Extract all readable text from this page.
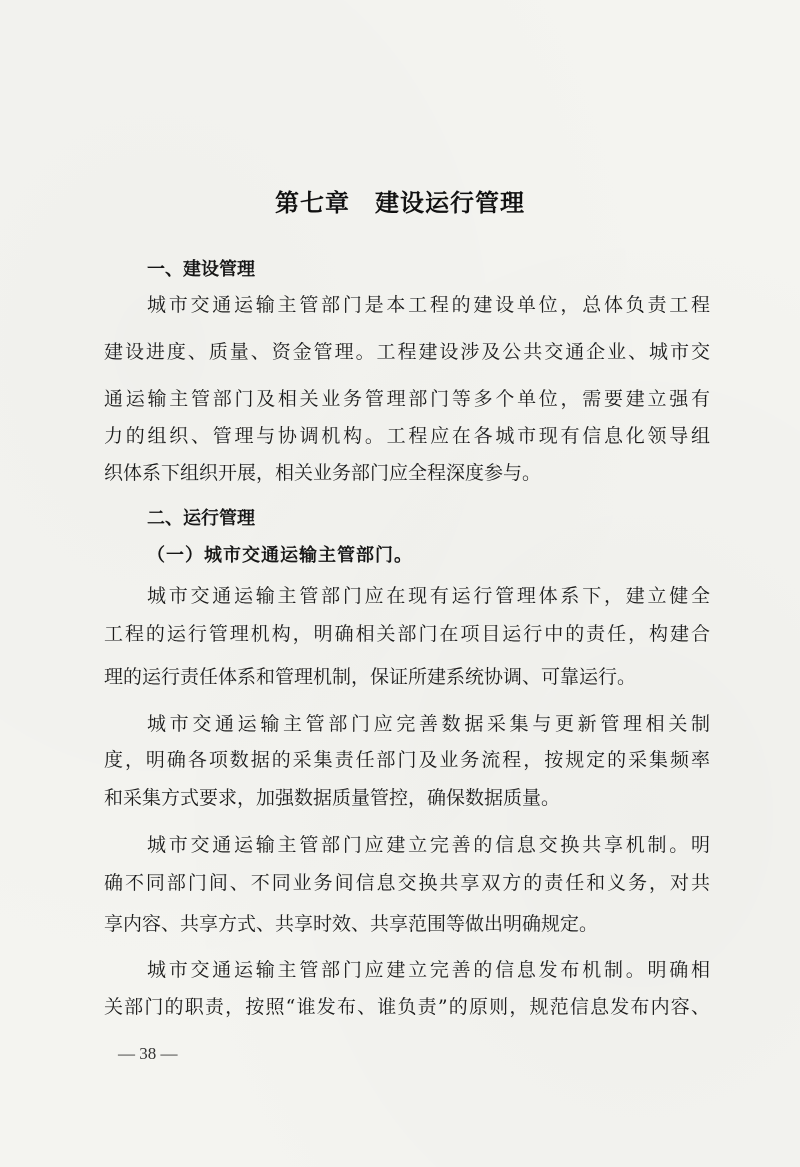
第七章　建设运行管理
一、建设管理
城市交通运输主管部门是本工程的建设单位，总体负责工程
建设进度、质量、资金管理。工程建设涉及公共交通企业、城市交
通运输主管部门及相关业务管理部门等多个单位，需要建立强有
力的组织、管理与协调机构。工程应在各城市现有信息化领导组
织体系下组织开展，相关业务部门应全程深度参与。
二、运行管理
（一）城市交通运输主管部门。
城市交通运输主管部门应在现有运行管理体系下，建立健全
工程的运行管理机构，明确相关部门在项目运行中的责任，构建合
理的运行责任体系和管理机制，保证所建系统协调、可靠运行。
城市交通运输主管部门应完善数据采集与更新管理相关制
度，明确各项数据的采集责任部门及业务流程，按规定的采集频率
和采集方式要求，加强数据质量管控，确保数据质量。
城市交通运输主管部门应建立完善的信息交换共享机制。明
确不同部门间、不同业务间信息交换共享双方的责任和义务，对共
享内容、共享方式、共享时效、共享范围等做出明确规定。
城市交通运输主管部门应建立完善的信息发布机制。明确相
关部门的职责，按照“谁发布、谁负责”的原则，规范信息发布内容、
— 38 —
